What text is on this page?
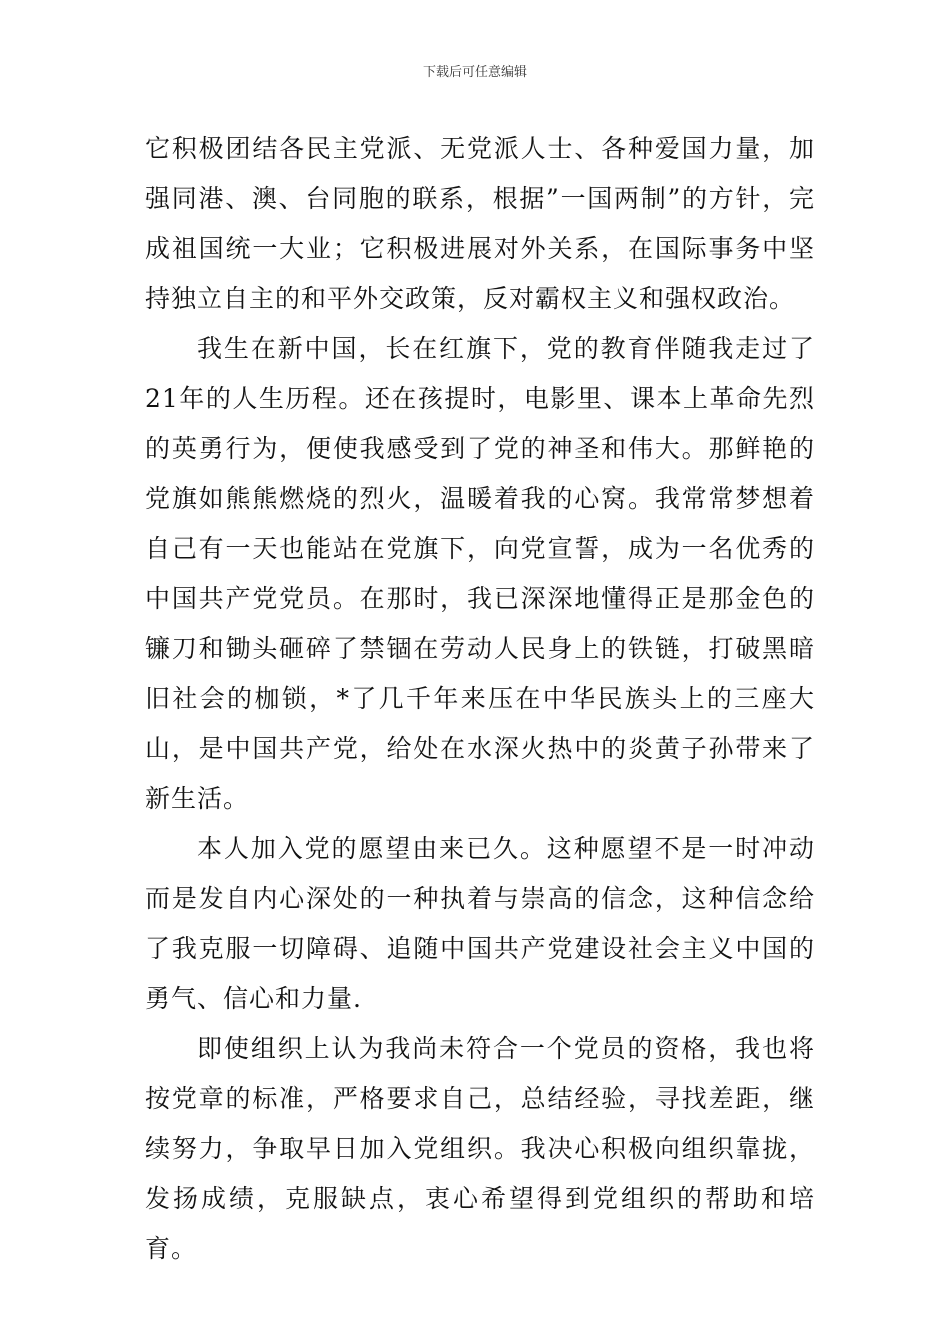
下载后可任意编辑

它积极团结各民主党派、无党派人士、各种爱国力量，加强同港、澳、台同胞的联系，根据”一国两制”的方针，完成祖国统一大业；它积极进展对外关系，在国际事务中坚持独立自主的和平外交政策，反对霸权主义和强权政治。

我生在新中国，长在红旗下，党的教育伴随我走过了21年的人生历程。还在孩提时，电影里、课本上革命先烈的英勇行为，便使我感受到了党的神圣和伟大。那鲜艳的党旗如熊熊燃烧的烈火，温暖着我的心窝。我常常梦想着自己有一天也能站在党旗下，向党宣誓，成为一名优秀的中国共产党党员。在那时，我已深深地懂得正是那金色的镰刀和锄头砸碎了禁锢在劳动人民身上的铁链，打破黑暗旧社会的枷锁，*了几千年来压在中华民族头上的三座大山，是中国共产党，给处在水深火热中的炎黄子孙带来了新生活。

本人加入党的愿望由来已久。这种愿望不是一时冲动而是发自内心深处的一种执着与崇高的信念，这种信念给了我克服一切障碍、追随中国共产党建设社会主义中国的勇气、信心和力量.

即使组织上认为我尚未符合一个党员的资格，我也将按党章的标准，严格要求自己，总结经验，寻找差距，继续努力，争取早日加入党组织。我决心积极向组织靠拢，发扬成绩，克服缺点，衷心希望得到党组织的帮助和培育。
